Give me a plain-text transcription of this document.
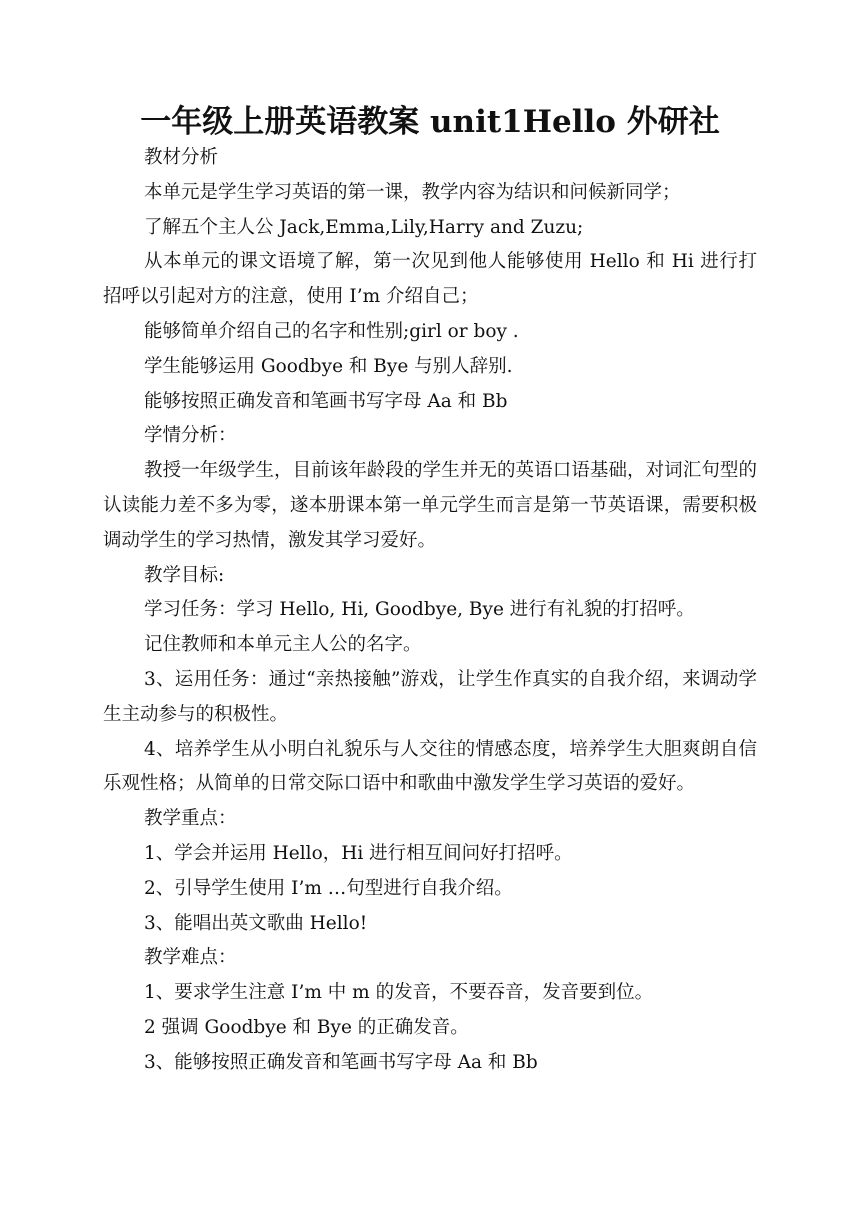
一年级上册英语教案 unit1Hello 外研社

教材分析

本单元是学生学习英语的第一课，教学内容为结识和问候新同学；

了解五个主人公 Jack,Emma,Lily,Harry and Zuzu;

从本单元的课文语境了解，第一次见到他人能够使用 Hello 和 Hi 进行打招呼以引起对方的注意，使用 I’m 介绍自己；

能够简单介绍自己的名字和性别;girl or boy .

学生能够运用 Goodbye 和 Bye 与别人辞别.

能够按照正确发音和笔画书写字母 Aa 和 Bb

学情分析：

教授一年级学生，目前该年龄段的学生并无的英语口语基础，对词汇句型的认读能力差不多为零，遂本册课本第一单元学生而言是第一节英语课，需要积极调动学生的学习热情，激发其学习爱好。

教学目标:

学习任务：学习 Hello, Hi, Goodbye, Bye 进行有礼貌的打招呼。

记住教师和本单元主人公的名字。

3、运用任务：通过“亲热接触”游戏，让学生作真实的自我介绍，来调动学生主动参与的积极性。

4、培养学生从小明白礼貌乐与人交往的情感态度，培养学生大胆爽朗自信乐观性格；从简单的日常交际口语中和歌曲中激发学生学习英语的爱好。

教学重点：

1、学会并运用 Hello，Hi 进行相互间问好打招呼。

2、引导学生使用 I’m …句型进行自我介绍。

3、能唱出英文歌曲 Hello!

教学难点：

1、要求学生注意 I’m 中 m 的发音，不要吞音，发音要到位。

2 强调 Goodbye 和 Bye 的正确发音。

3、能够按照正确发音和笔画书写字母 Aa 和 Bb
